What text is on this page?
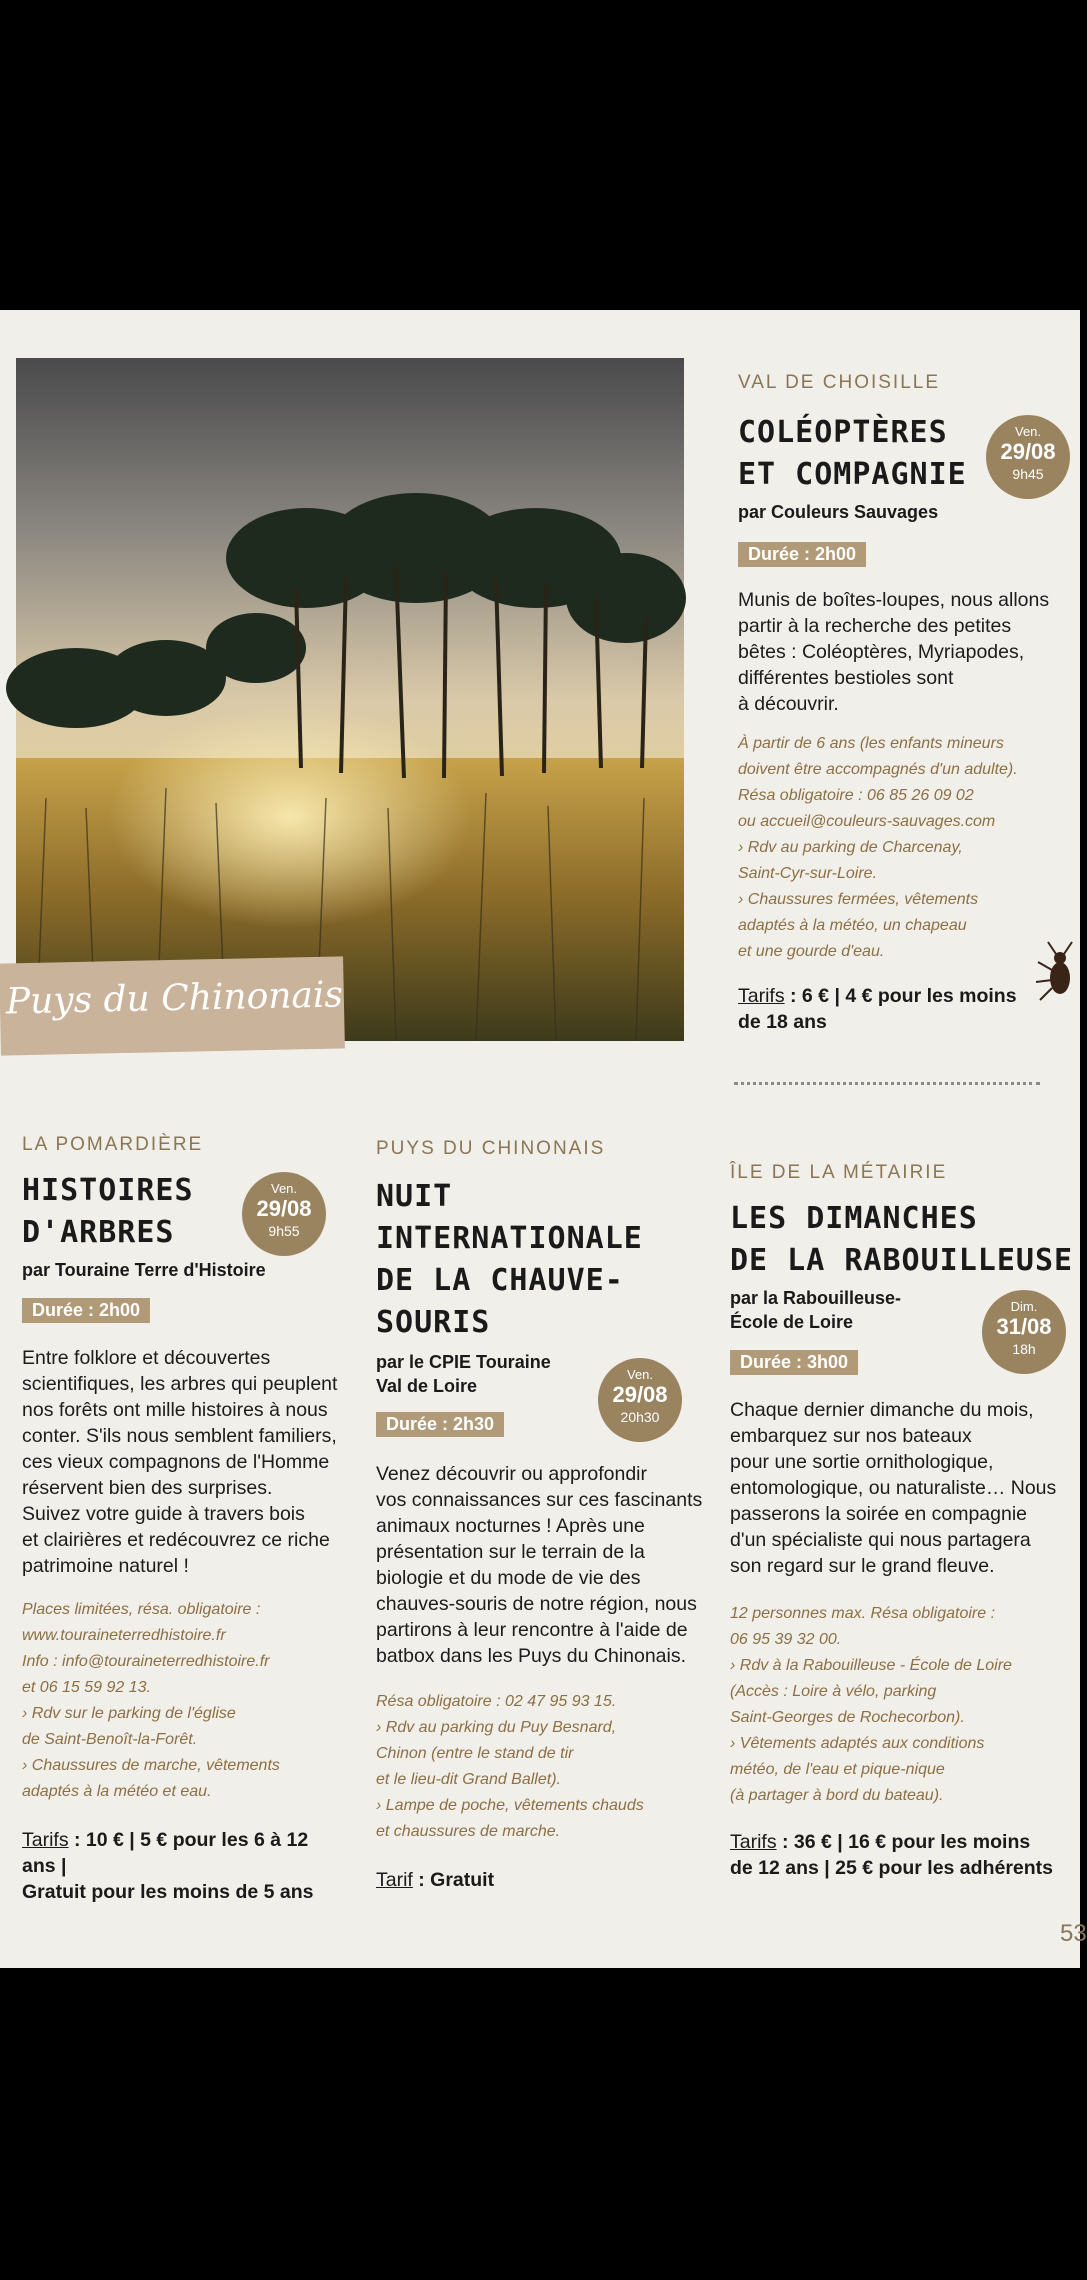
Puys du Chinonais
VAL DE CHOISILLE
COLÉOPTÈRES
ET COMPAGNIE
par Couleurs Sauvages
Durée : 2h00
Munis de boîtes-loupes, nous allons
partir à la recherche des petites
bêtes : Coléoptères, Myriapodes,
différentes bestioles sont
à découvrir.
À partir de 6 ans (les enfants mineurs
doivent être accompagnés d'un adulte).
Résa obligatoire : 06 85 26 09 02
ou accueil@couleurs-sauvages.com
› Rdv au parking de Charcenay,
Saint-Cyr-sur-Loire.
› Chaussures fermées, vêtements
adaptés à la météo, un chapeau
et une gourde d'eau.
Tarifs : 6 € | 4 € pour les moins
de 18 ans
Ven.
29/08
9h45
LA POMARDIÈRE
HISTOIRES
D'ARBRES
par Touraine Terre d'Histoire
Durée : 2h00
Entre folklore et découvertes
scientifiques, les arbres qui peuplent
nos forêts ont mille histoires à nous
conter. S'ils nous semblent familiers,
ces vieux compagnons de l'Homme
réservent bien des surprises.
Suivez votre guide à travers bois
et clairières et redécouvrez ce riche
patrimoine naturel !
Places limitées, résa. obligatoire :
www.touraineterredhistoire.fr
Info : info@touraineterredhistoire.fr
et 06 15 59 92 13.
› Rdv sur le parking de l'église
de Saint-Benoît-la-Forêt.
› Chaussures de marche, vêtements
adaptés à la météo et eau.
Tarifs : 10 € | 5 € pour les 6 à 12 ans |
Gratuit pour les moins de 5 ans
Ven.
29/08
9h55
PUYS DU CHINONAIS
NUIT
INTERNATIONALE
DE LA CHAUVE-
SOURIS
par le CPIE Touraine
Val de Loire
Durée : 2h30
Venez découvrir ou approfondir
vos connaissances sur ces fascinants
animaux nocturnes ! Après une
présentation sur le terrain de la
biologie et du mode de vie des
chauves-souris de notre région, nous
partirons à leur rencontre à l'aide de
batbox dans les Puys du Chinonais.
Résa obligatoire : 02 47 95 93 15.
› Rdv au parking du Puy Besnard,
Chinon (entre le stand de tir
et le lieu-dit Grand Ballet).
› Lampe de poche, vêtements chauds
et chaussures de marche.
Tarif : Gratuit
Ven.
29/08
20h30
ÎLE DE LA MÉTAIRIE
LES DIMANCHES
DE LA RABOUILLEUSE
par la Rabouilleuse-
École de Loire
Durée : 3h00
Chaque dernier dimanche du mois,
embarquez sur nos bateaux
pour une sortie ornithologique,
entomologique, ou naturaliste… Nous
passerons la soirée en compagnie
d'un spécialiste qui nous partagera
son regard sur le grand fleuve.
12 personnes max. Résa obligatoire :
06 95 39 32 00.
› Rdv à la Rabouilleuse - École de Loire
(Accès : Loire à vélo, parking
Saint-Georges de Rochecorbon).
› Vêtements adaptés aux conditions
météo, de l'eau et pique-nique
(à partager à bord du bateau).
Tarifs : 36 € | 16 € pour les moins
de 12 ans | 25 € pour les adhérents
Dim.
31/08
18h
53
